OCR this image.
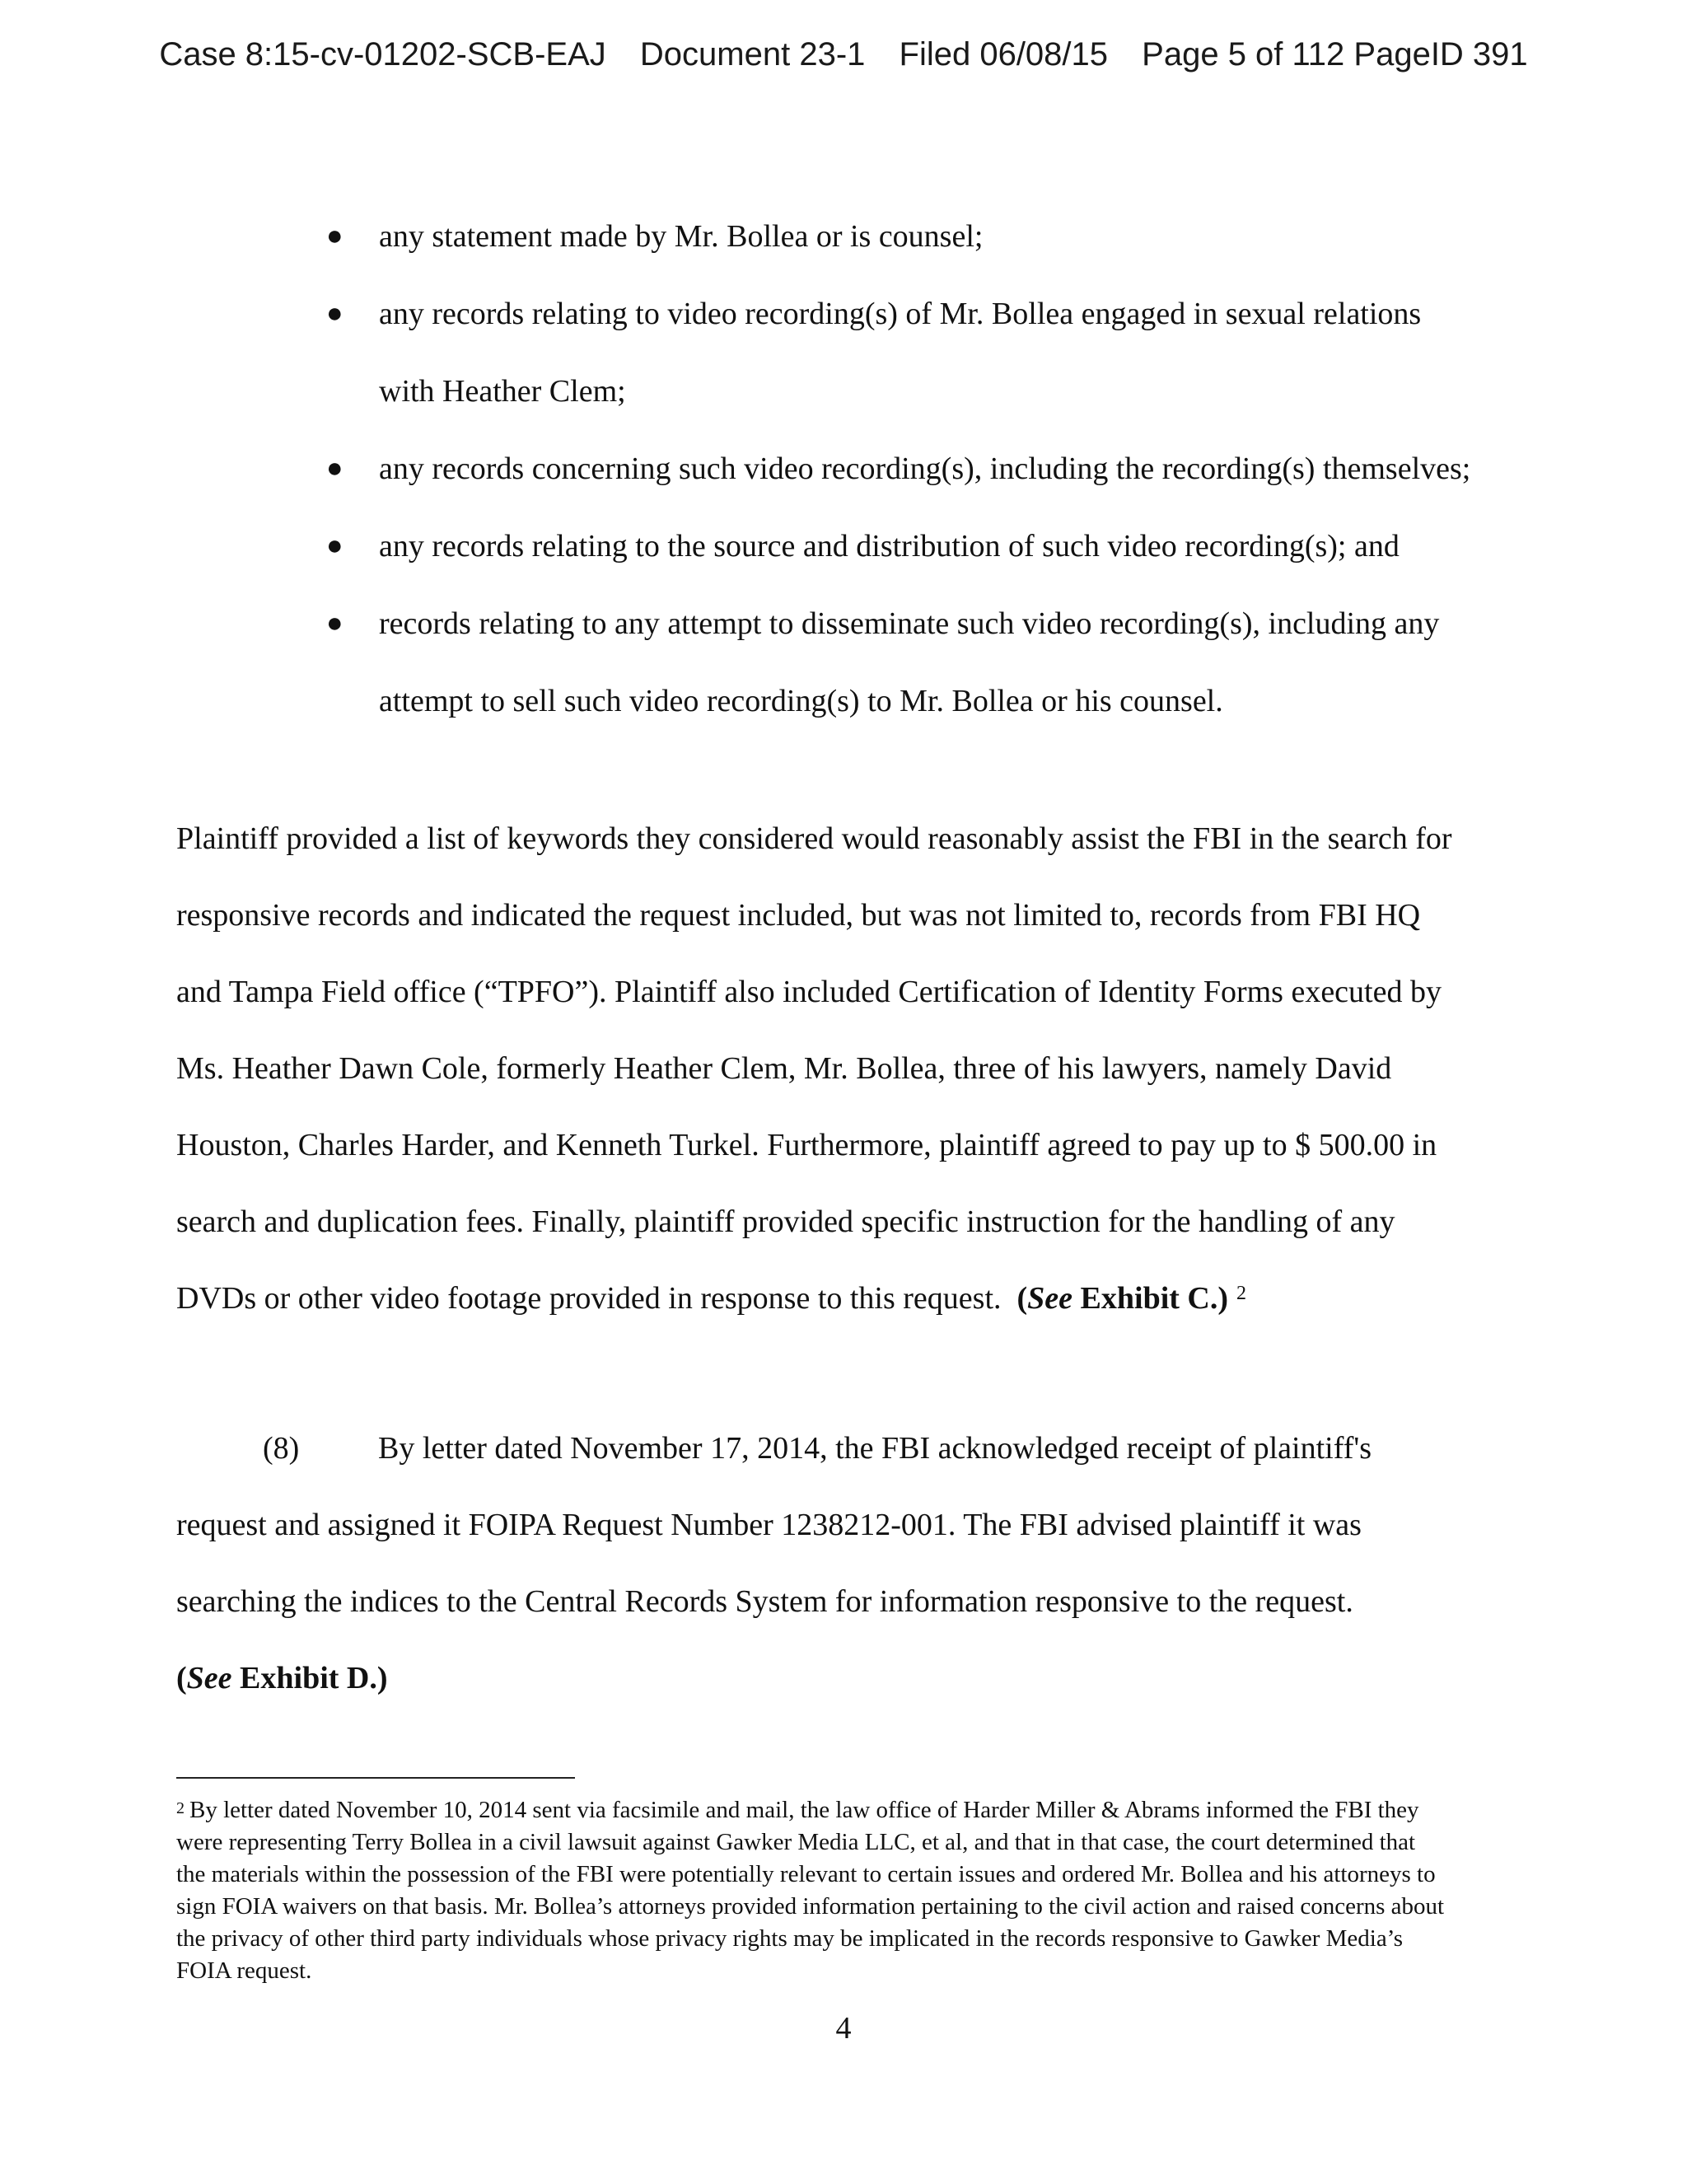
Case 8:15-cv-01202-SCB-EAJ Document 23-1 Filed 06/08/15 Page 5 of 112 PageID 391
● any statement made by Mr. Bollea or is counsel;
● any records relating to video recording(s) of Mr. Bollea engaged in sexual relations with Heather Clem;
● any records concerning such video recording(s), including the recording(s) themselves;
● any records relating to the source and distribution of such video recording(s); and
● records relating to any attempt to disseminate such video recording(s), including any attempt to sell such video recording(s) to Mr. Bollea or his counsel.

Plaintiff provided a list of keywords they considered would reasonably assist the FBI in the search for responsive records and indicated the request included, but was not limited to, records from FBI HQ and Tampa Field office (“TPFO”). Plaintiff also included Certification of Identity Forms executed by Ms. Heather Dawn Cole, formerly Heather Clem, Mr. Bollea, three of his lawyers, namely David Houston, Charles Harder, and Kenneth Turkel. Furthermore, plaintiff agreed to pay up to $ 500.00 in search and duplication fees. Finally, plaintiff provided specific instruction for the handling of any DVDs or other video footage provided in response to this request. (See Exhibit C.) $^2$

(8)	By letter dated November 17, 2014, the FBI acknowledged receipt of plaintiff's request and assigned it FOIPA Request Number 1238212-001. The FBI advised plaintiff it was searching the indices to the Central Records System for information responsive to the request.
(See Exhibit D.)

$^2$ By letter dated November 10, 2014 sent via facsimile and mail, the law office of Harder Miller & Abrams informed the FBI they were representing Terry Bollea in a civil lawsuit against Gawker Media LLC, et al, and that in that case, the court determined that the materials within the possession of the FBI were potentially relevant to certain issues and ordered Mr. Bollea and his attorneys to sign FOIA waivers on that basis. Mr. Bollea’s attorneys provided information pertaining to the civil action and raised concerns about the privacy of other third party individuals whose privacy rights may be implicated in the records responsive to Gawker Media’s FOIA request.

4
